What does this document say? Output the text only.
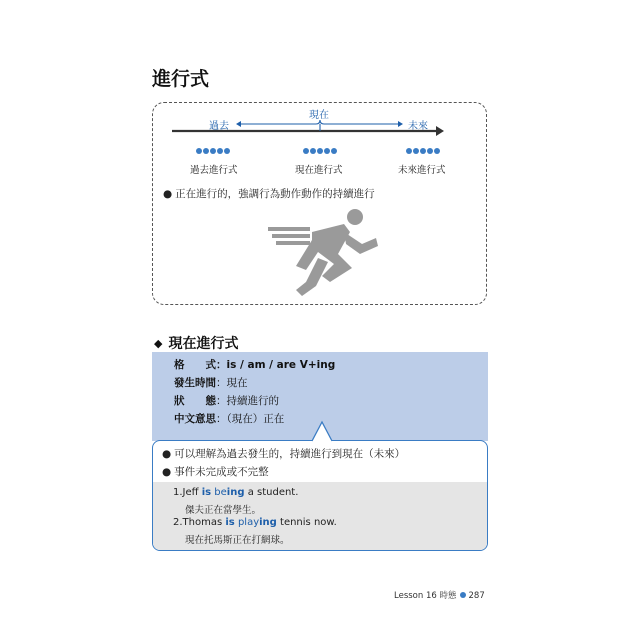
進行式
過去
現在
未來
過去進行式	現在進行式	未來進行式
● 正在進行的，強調行為動作動作的持續進行
◆ 現在進行式
格　　式：is / am / are V+ing
發生時間：現在
狀　　態：持續進行的
中文意思：（現在）正在
● 可以理解為過去發生的，持續進行到現在（未來）
● 事件未完成或不完整
1.Jeff is being a student.
傑夫正在當學生。
2.Thomas is playing tennis now.
現在托馬斯正在打網球。
Lesson 16 時態 287
